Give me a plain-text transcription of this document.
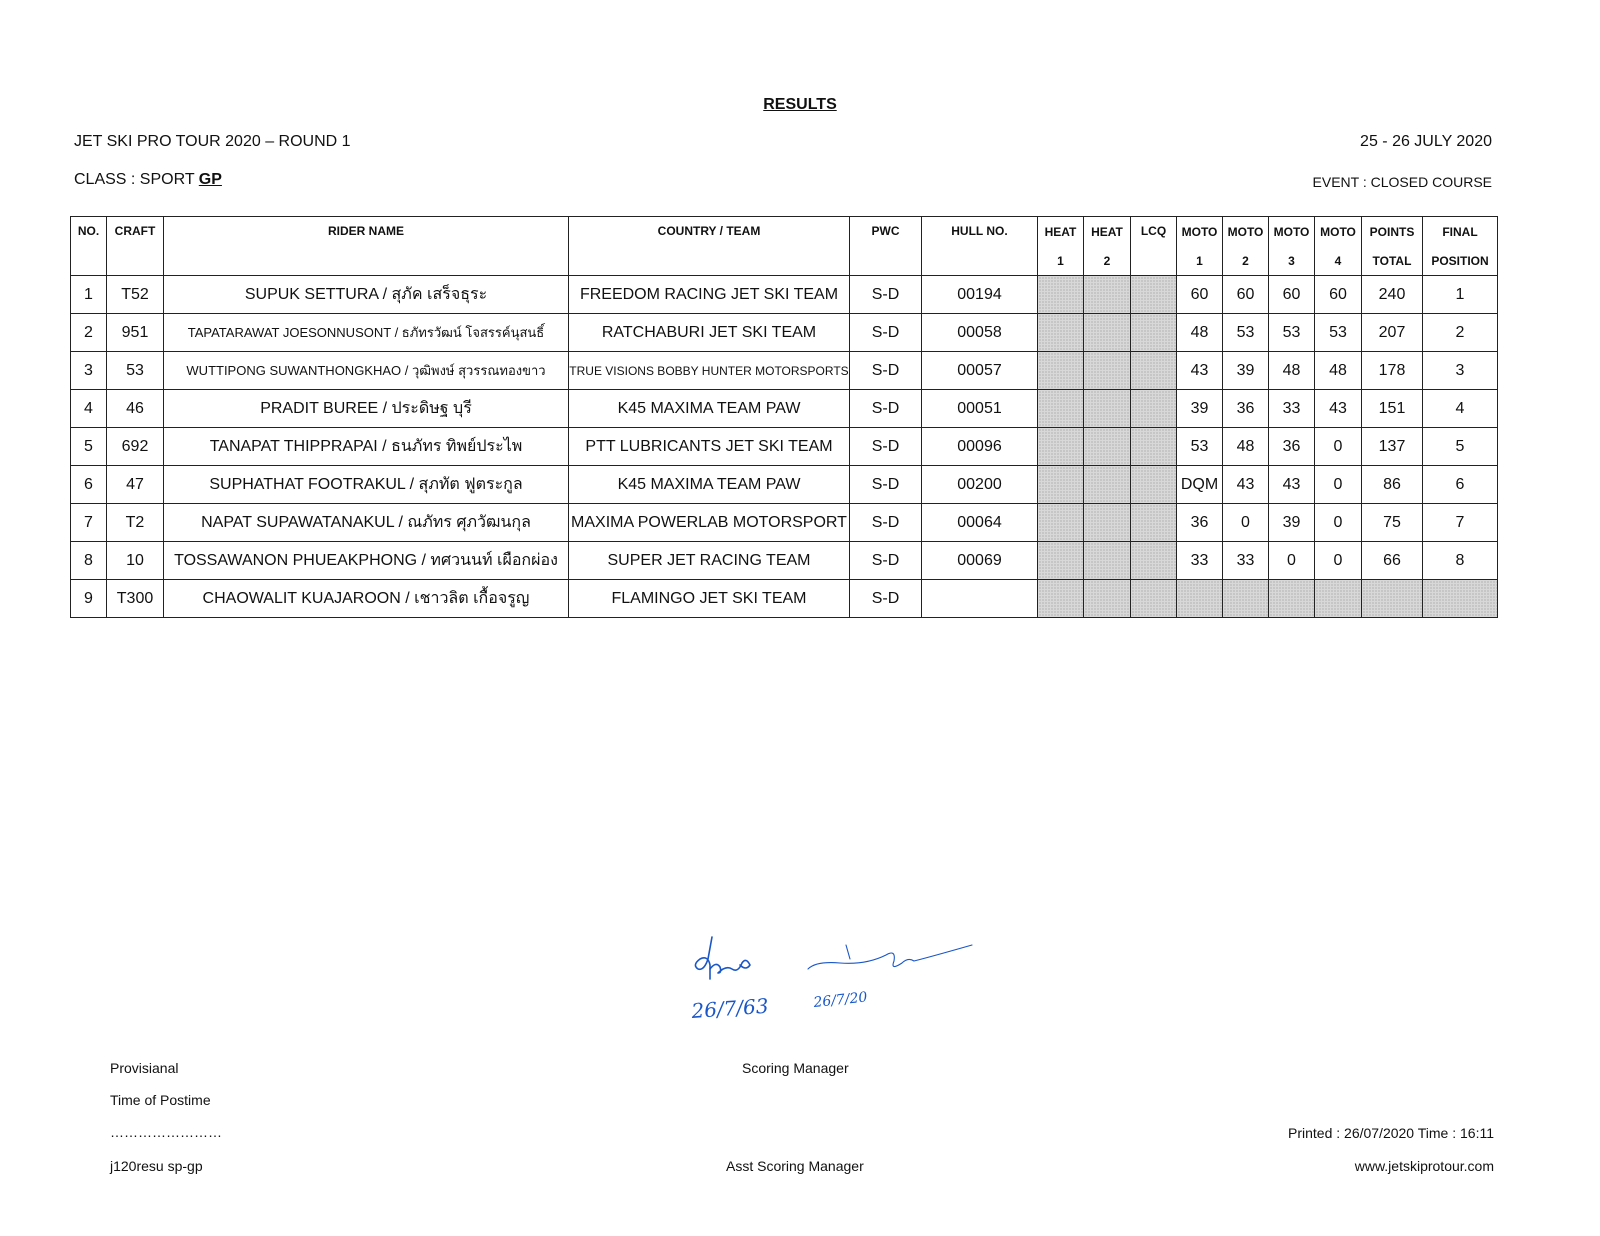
RESULTS
JET SKI PRO TOUR 2020 – ROUND 1	25 - 26 JULY 2020
CLASS : SPORT GP	EVENT : CLOSED COURSE
NO.	CRAFT	RIDER NAME	COUNTRY / TEAM	PWC	HULL NO.	HEAT	HEAT	LCQ	MOTO	MOTO	MOTO	MOTO	POINTS	FINAL
						1	2		1	2	3	4	TOTAL	POSITION
1	T52	SUPUK SETTURA / สุภัค เสร็จธุระ	FREEDOM RACING JET SKI TEAM	S-D	00194				60	60	60	60	240	1
2	951	TAPATARAWAT JOESONNUSONT / ธภัทรวัฒน์ โจสรรค์นุสนธิ์	RATCHABURI JET SKI TEAM	S-D	00058				48	53	53	53	207	2
3	53	WUTTIPONG SUWANTHONGKHAO / วุฒิพงษ์ สุวรรณทองขาว	TRUE VISIONS BOBBY HUNTER MOTORSPORTS	S-D	00057				43	39	48	48	178	3
4	46	PRADIT BUREE / ประดิษฐ บุรี	K45 MAXIMA TEAM PAW	S-D	00051				39	36	33	43	151	4
5	692	TANAPAT THIPPRAPAI / ธนภัทร ทิพย์ประไพ	PTT LUBRICANTS JET SKI TEAM	S-D	00096				53	48	36	0	137	5
6	47	SUPHATHAT FOOTRAKUL / สุภทัต ฟูตระกูล	K45 MAXIMA TEAM PAW	S-D	00200				DQM	43	43	0	86	6
7	T2	NAPAT SUPAWATANAKUL / ณภัทร ศุภวัฒนกุล	MAXIMA POWERLAB MOTORSPORT	S-D	00064				36	0	39	0	75	7
8	10	TOSSAWANON PHUEAKPHONG / ทศวนนท์ เผือกผ่อง	SUPER JET RACING TEAM	S-D	00069				33	33	0	0	66	8
9	T300	CHAOWALIT KUAJAROON / เชาวลิต เกื้อจรูญ	FLAMINGO JET SKI TEAM	S-D										
26/7/63	26/7/20
Provisianal
Time of Postime
……………………
j120resu sp-gp
Scoring Manager
Asst Scoring Manager
Printed : 26/07/2020 Time : 16:11
www.jetskiprotour.com
